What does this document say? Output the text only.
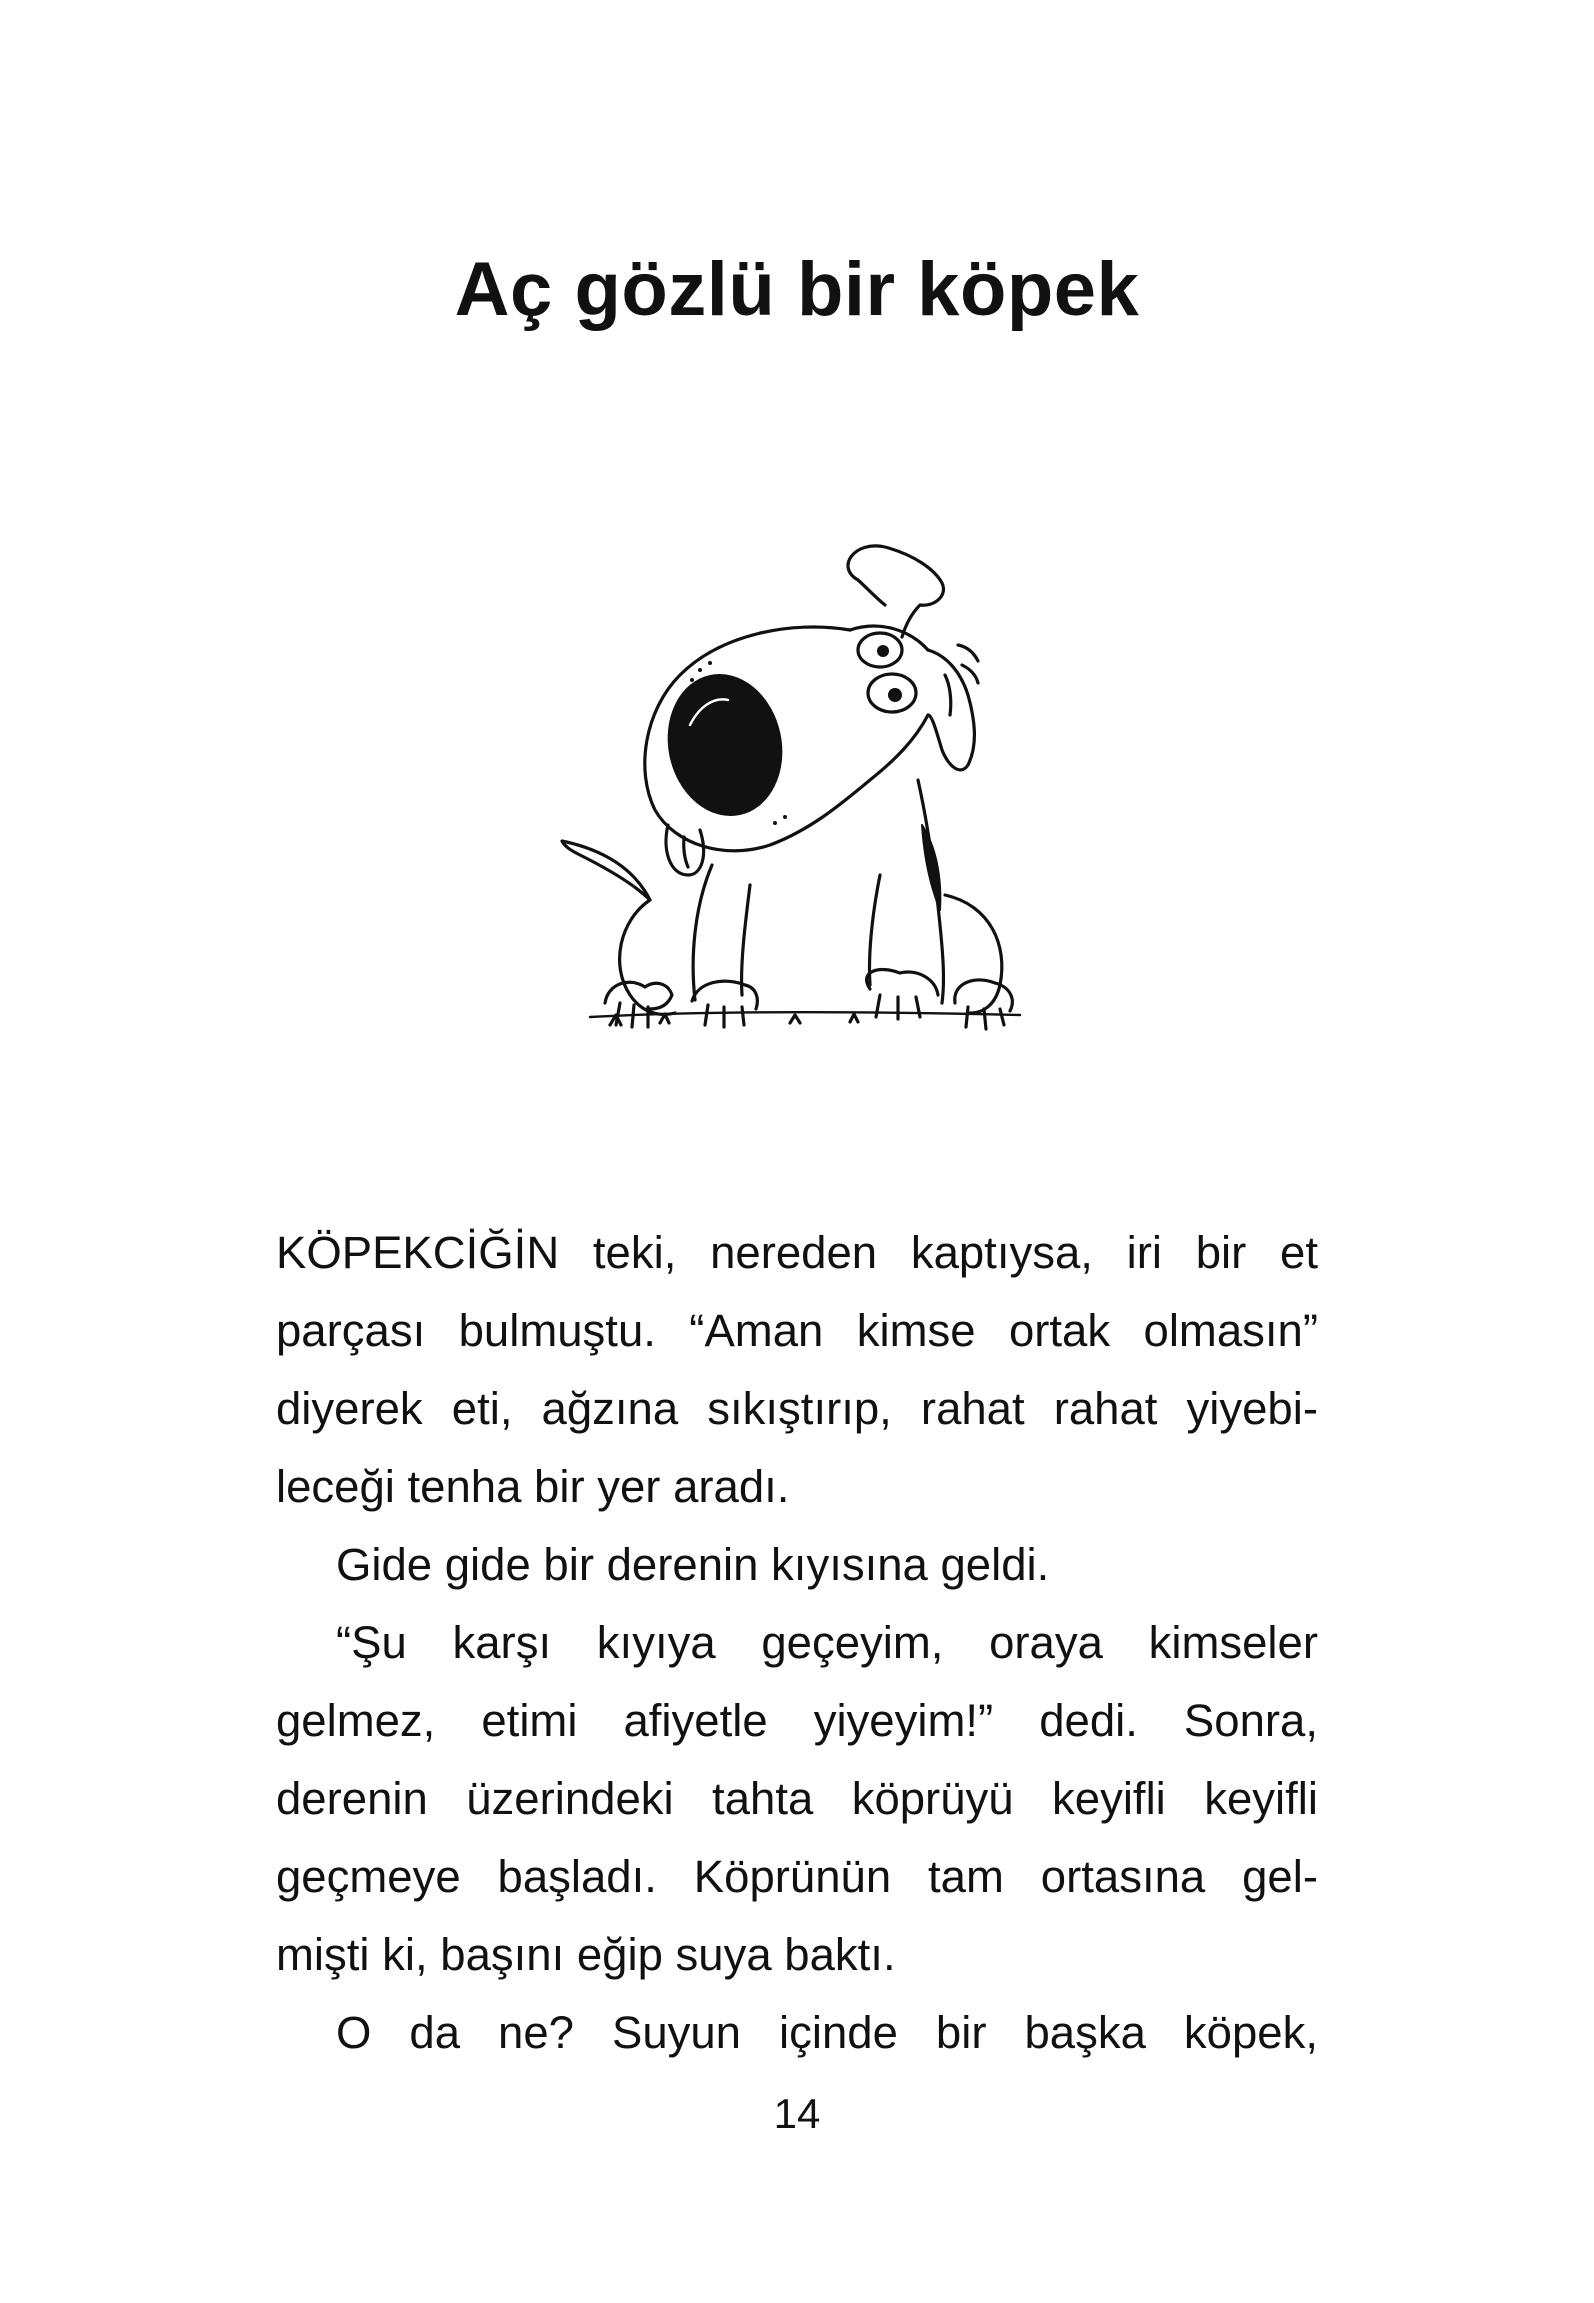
Aç gözlü bir köpek
KÖPEKCİĞİN teki, nereden kaptıysa, iri bir et
parçası bulmuştu. “Aman kimse ortak olmasın”
diyerek eti, ağzına sıkıştırıp, rahat rahat yiyebi-
leceği tenha bir yer aradı.
Gide gide bir derenin kıyısına geldi.
“Şu karşı kıyıya geçeyim, oraya kimseler
gelmez, etimi afiyetle yiyeyim!” dedi. Sonra,
derenin üzerindeki tahta köprüyü keyifli keyifli
geçmeye başladı. Köprünün tam ortasına gel-
mişti ki, başını eğip suya baktı.
O da ne? Suyun içinde bir başka köpek,
14
